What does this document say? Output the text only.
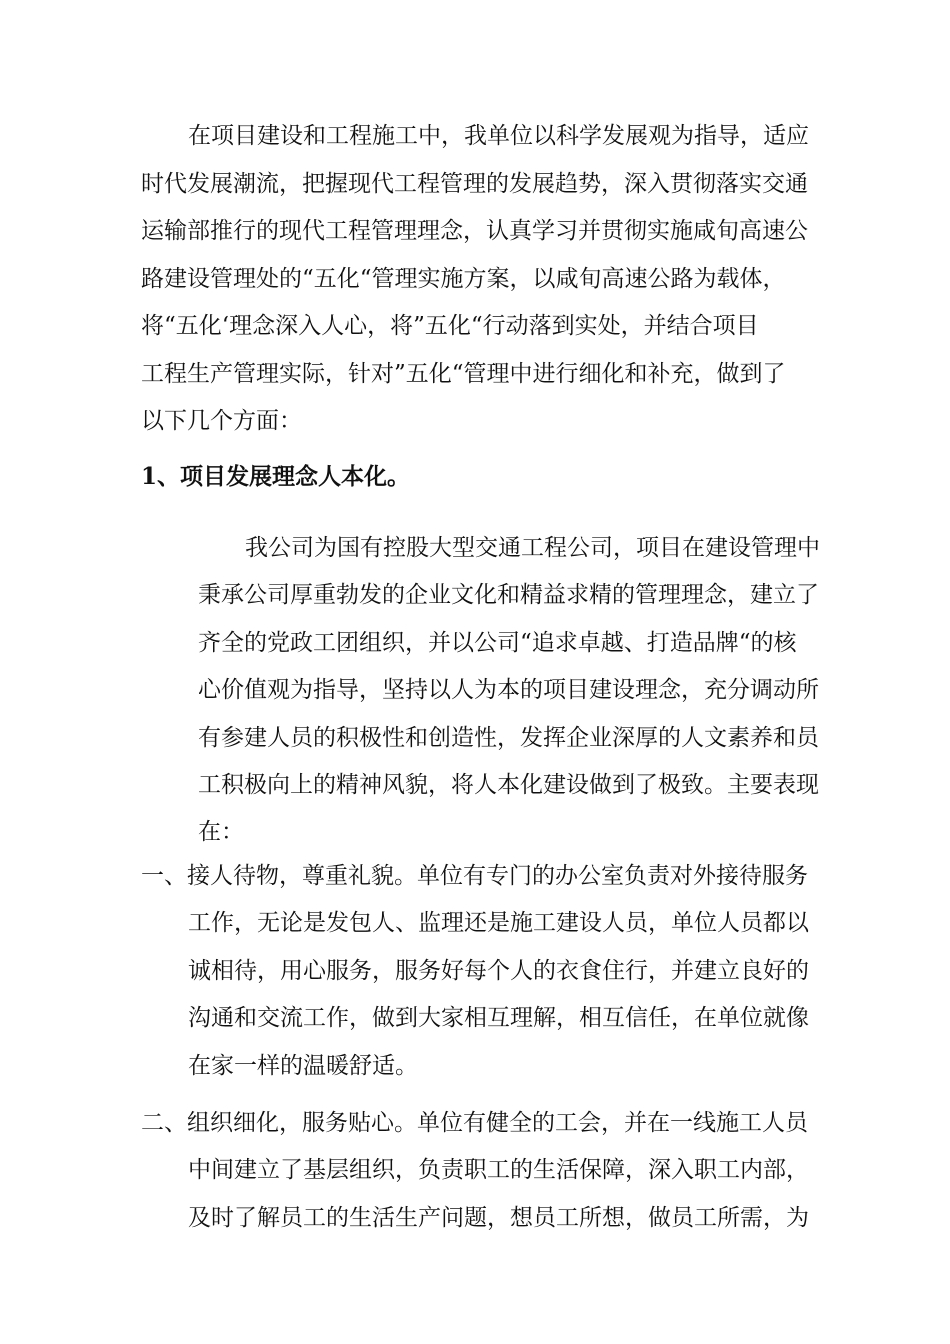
在项目建设和工程施工中，我单位以科学发展观为指导，适应

时代发展潮流，把握现代工程管理的发展趋势，深入贯彻落实交通

运输部推行的现代工程管理理念，认真学习并贯彻实施咸旬高速公

路建设管理处的“五化“管理实施方案，以咸旬高速公路为载体，

将“五化‘理念深入人心，将”五化“行动落到实处，并结合项目

工程生产管理实际，针对”五化“管理中进行细化和补充，做到了

以下几个方面：

1、项目发展理念人本化。

我公司为国有控股大型交通工程公司，项目在建设管理中

秉承公司厚重勃发的企业文化和精益求精的管理理念，建立了

齐全的党政工团组织，并以公司“追求卓越、打造品牌“的核

心价值观为指导，坚持以人为本的项目建设理念，充分调动所

有参建人员的积极性和创造性，发挥企业深厚的人文素养和员

工积极向上的精神风貌，将人本化建设做到了极致。主要表现

在：

一、接人待物，尊重礼貌。单位有专门的办公室负责对外接待服务

工作，无论是发包人、监理还是施工建设人员，单位人员都以

诚相待，用心服务，服务好每个人的衣食住行，并建立良好的

沟通和交流工作，做到大家相互理解，相互信任，在单位就像

在家一样的温暖舒适。

二、组织细化，服务贴心。单位有健全的工会，并在一线施工人员

中间建立了基层组织，负责职工的生活保障，深入职工内部，

及时了解员工的生活生产问题，想员工所想，做员工所需，为
